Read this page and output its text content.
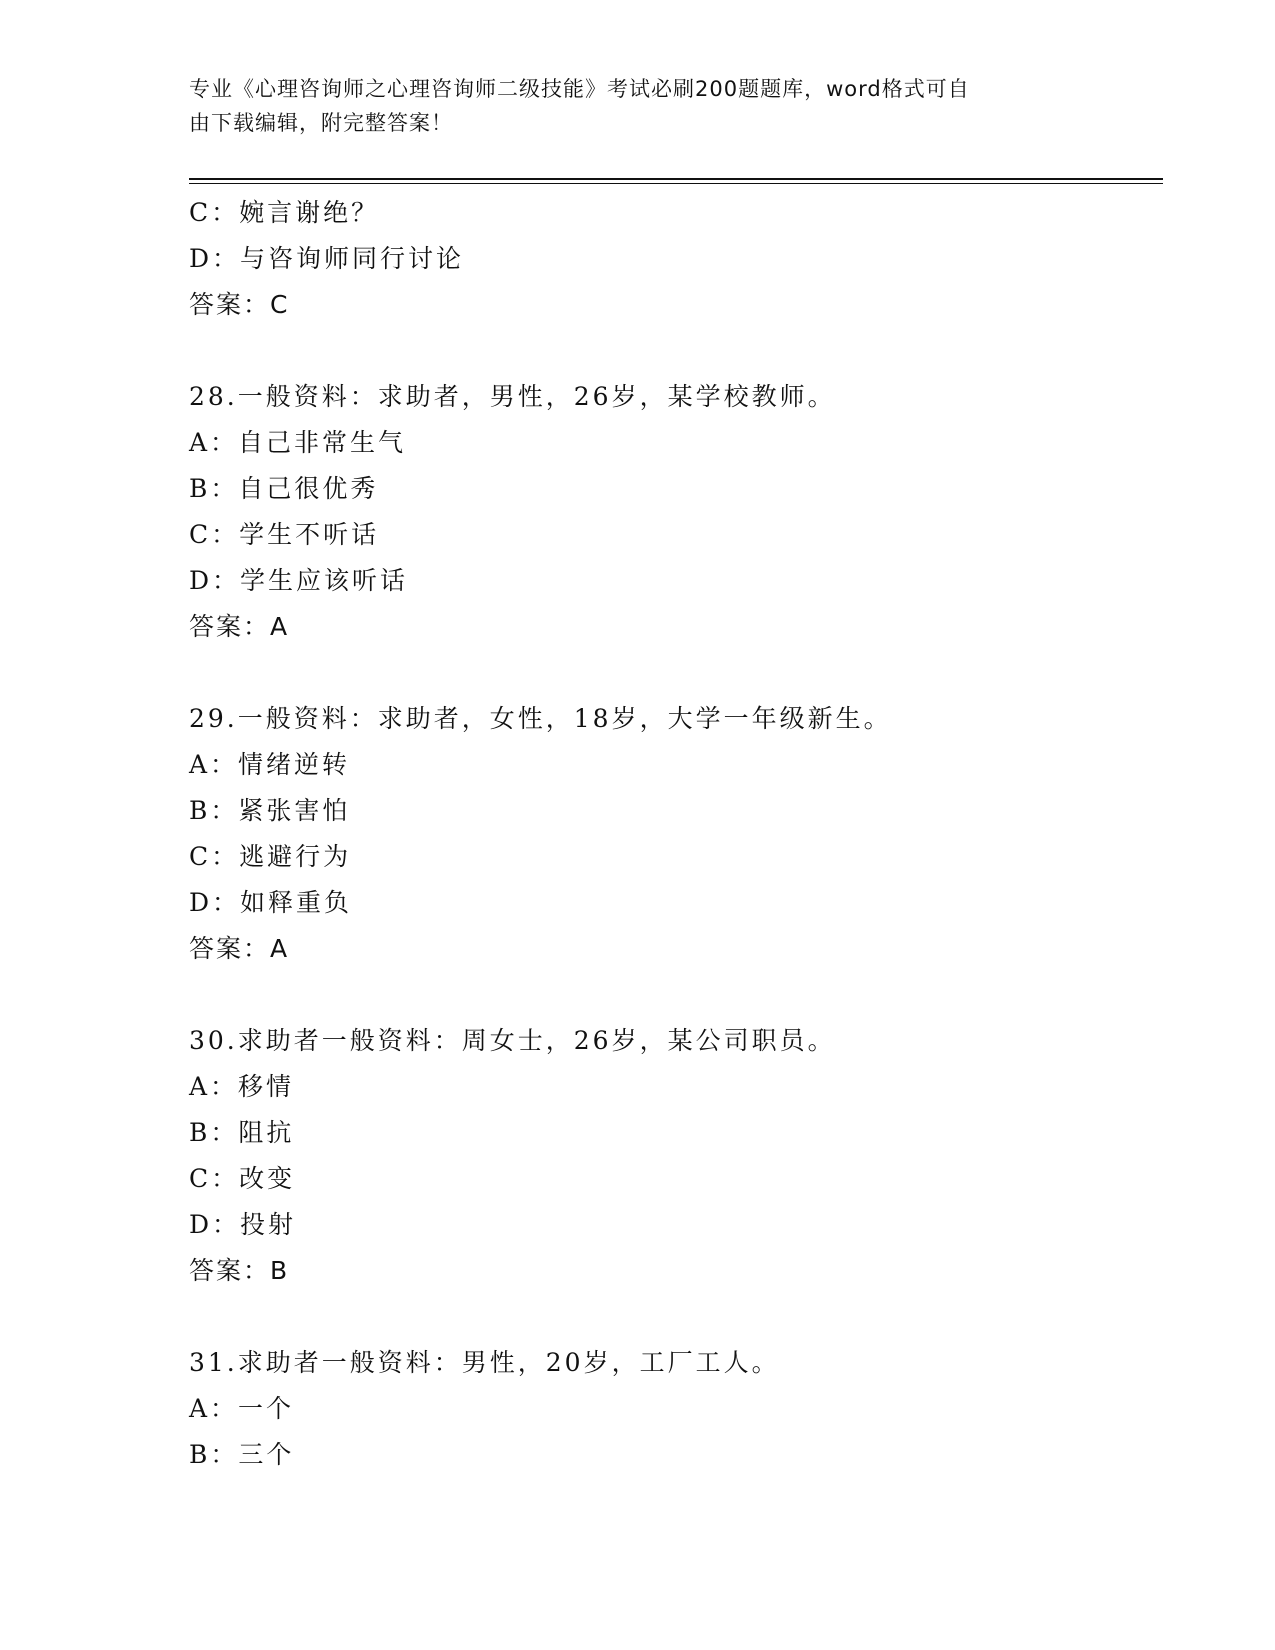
专业《心理咨询师之心理咨询师二级技能》考试必刷200题题库，word格式可自
由下载编辑，附完整答案！
C：婉言谢绝？
D：与咨询师同行讨论
答案：C
28.一般资料：求助者，男性，26岁，某学校教师。
A：自己非常生气
B：自己很优秀
C：学生不听话
D：学生应该听话
答案：A
29.一般资料：求助者，女性，18岁，大学一年级新生。
A：情绪逆转
B：紧张害怕
C：逃避行为
D：如释重负
答案：A
30.求助者一般资料：周女士，26岁，某公司职员。
A：移情
B：阻抗
C：改变
D：投射
答案：B
31.求助者一般资料：男性，20岁，工厂工人。
A：一个
B：三个
